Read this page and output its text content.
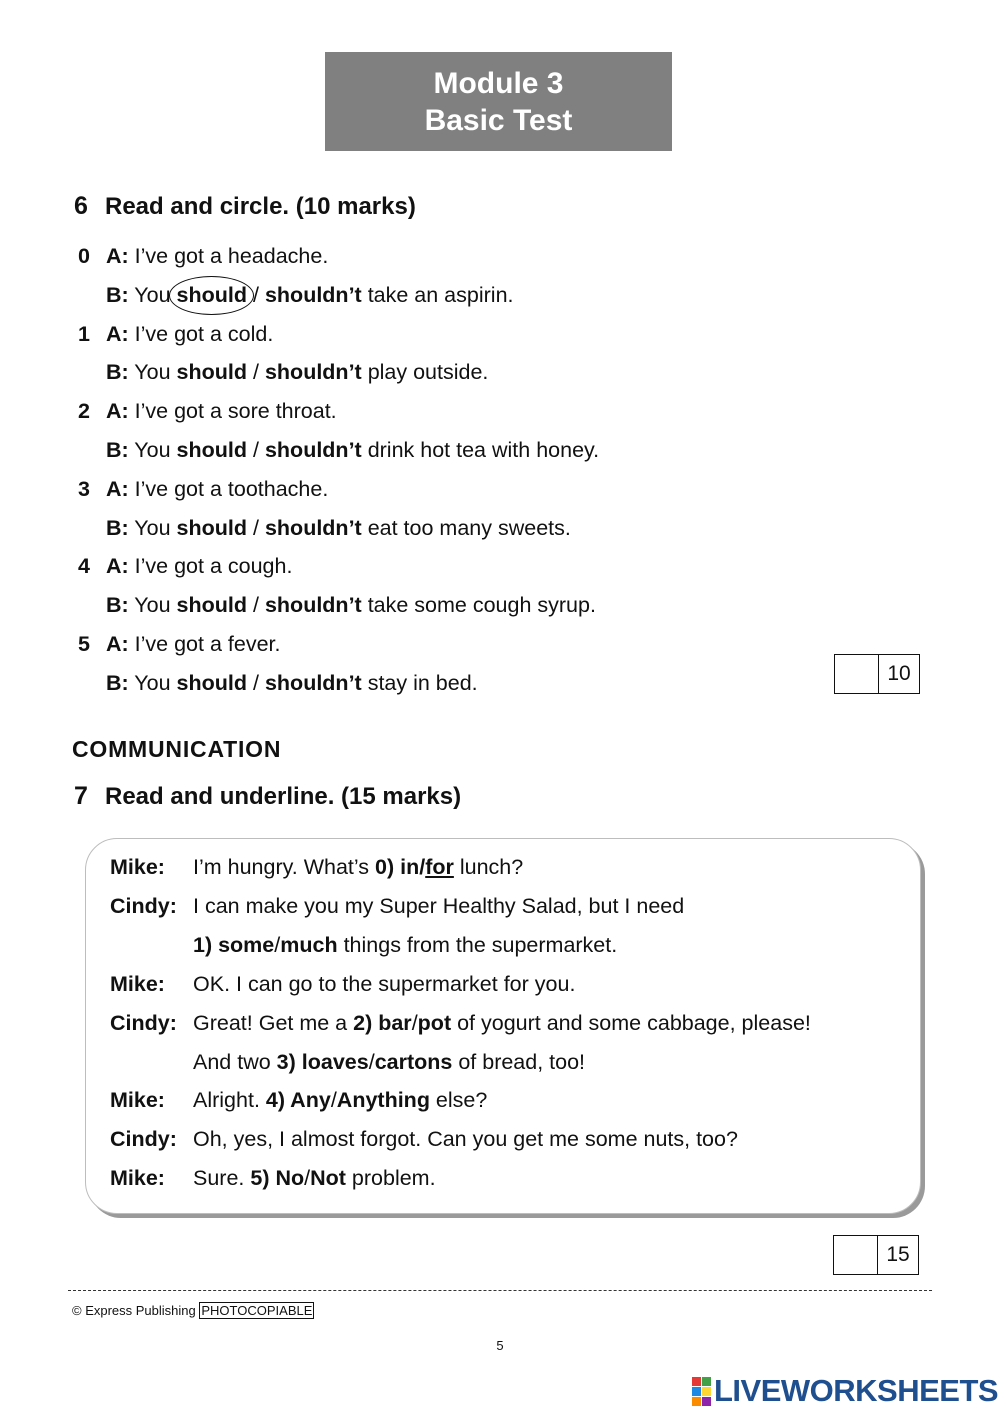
Module 3
Basic Test
6 Read and circle. (10 marks)
0 A: I’ve got a headache.
B: You should / shouldn’t take an aspirin.
1 A: I’ve got a cold.
B: You should / shouldn’t play outside.
2 A: I’ve got a sore throat.
B: You should / shouldn’t drink hot tea with honey.
3 A: I’ve got a toothache.
B: You should / shouldn’t eat too many sweets.
4 A: I’ve got a cough.
B: You should / shouldn’t take some cough syrup.
5 A: I’ve got a fever.
B: You should / shouldn’t stay in bed.	10
COMMUNICATION
7 Read and underline. (15 marks)
Mike: I’m hungry. What’s 0) in/for lunch?
Cindy: I can make you my Super Healthy Salad, but I need
1) some/much things from the supermarket.
Mike: OK. I can go to the supermarket for you.
Cindy: Great! Get me a 2) bar/pot of yogurt and some cabbage, please!
And two 3) loaves/cartons of bread, too!
Mike: Alright. 4) Any/Anything else?
Cindy: Oh, yes, I almost forgot. Can you get me some nuts, too?
Mike: Sure. 5) No/Not problem.
15
© Express Publishing PHOTOCOPIABLE
5
LIVEWORKSHEETS
